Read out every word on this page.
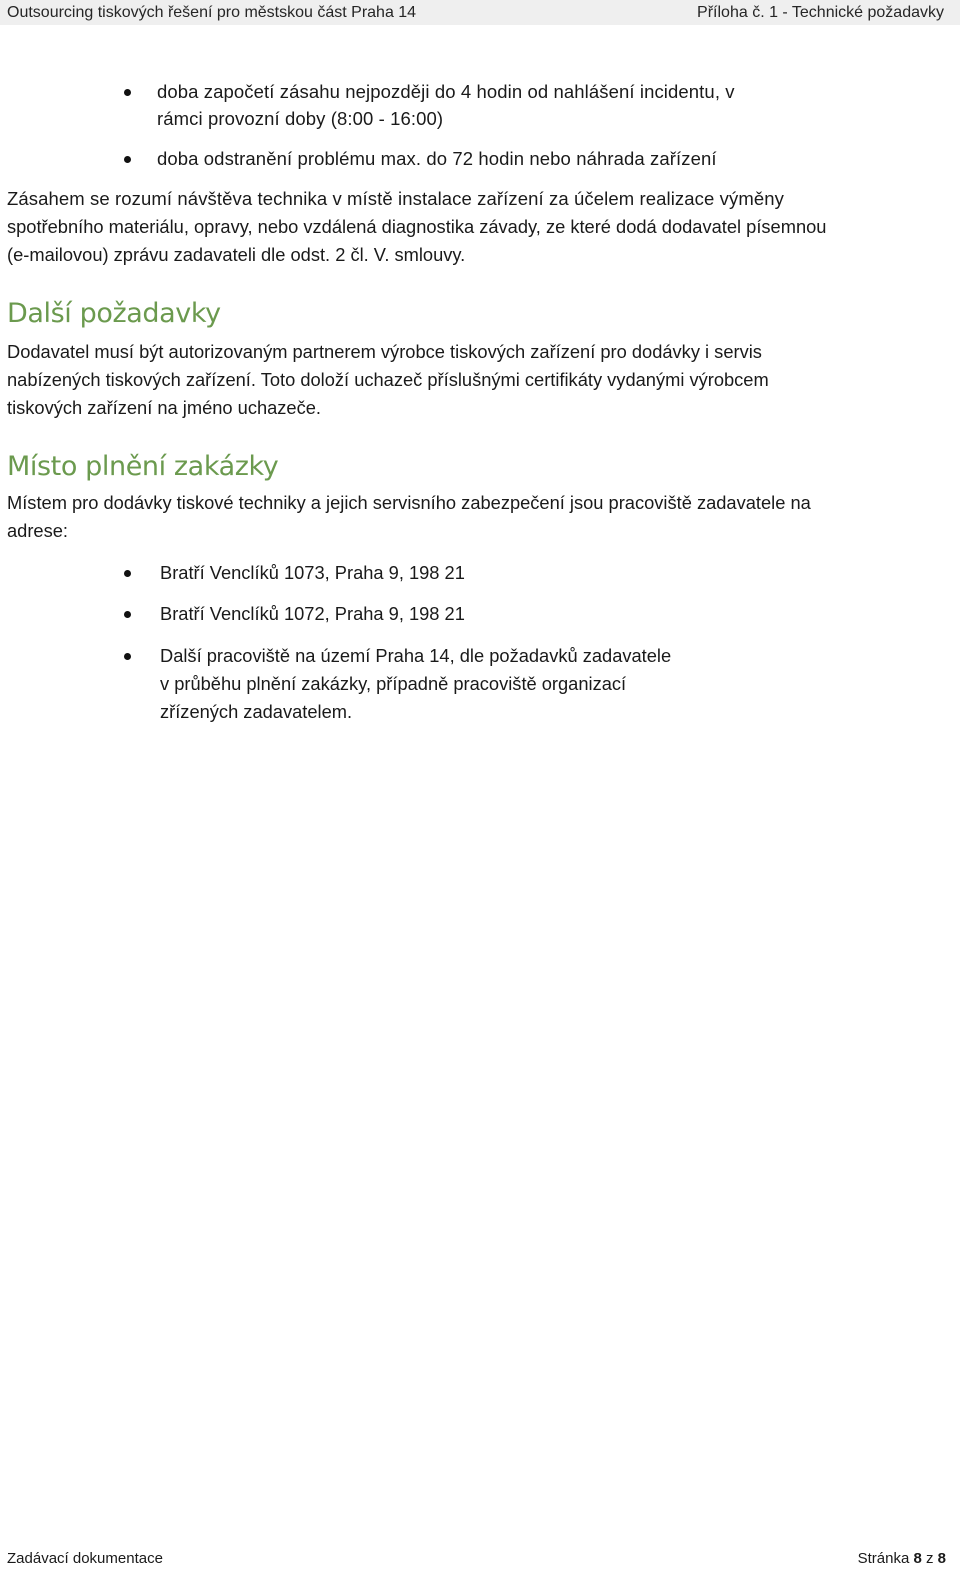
Outsourcing tiskových řešení pro městskou část Praha 14	Příloha č. 1 - Technické požadavky
doba započetí zásahu nejpozději do 4 hodin od nahlášení incidentu, v
rámci provozní doby (8:00 - 16:00)
doba odstranění problému max. do 72 hodin nebo náhrada zařízení
Zásahem se rozumí návštěva technika v místě instalace zařízení za účelem realizace výměny
spotřebního materiálu, opravy, nebo vzdálená diagnostika závady, ze které dodá dodavatel písemnou
(e-mailovou) zprávu zadavateli dle odst. 2 čl. V. smlouvy.
Další požadavky
Dodavatel musí být autorizovaným partnerem výrobce tiskových zařízení pro dodávky i servis
nabízených tiskových zařízení. Toto doloží uchazeč příslušnými certifikáty vydanými výrobcem
tiskových zařízení na jméno uchazeče.
Místo plnění zakázky
Místem pro dodávky tiskové techniky a jejich servisního zabezpečení jsou pracoviště zadavatele na
adrese:
Bratří Venclíků 1073, Praha 9, 198 21
Bratří Venclíků 1072, Praha 9, 198 21
Další pracoviště na území Praha 14, dle požadavků zadavatele
v průběhu plnění zakázky, případně pracoviště organizací
zřízených zadavatelem.
Zadávací dokumentace	Stránka 8 z 8
